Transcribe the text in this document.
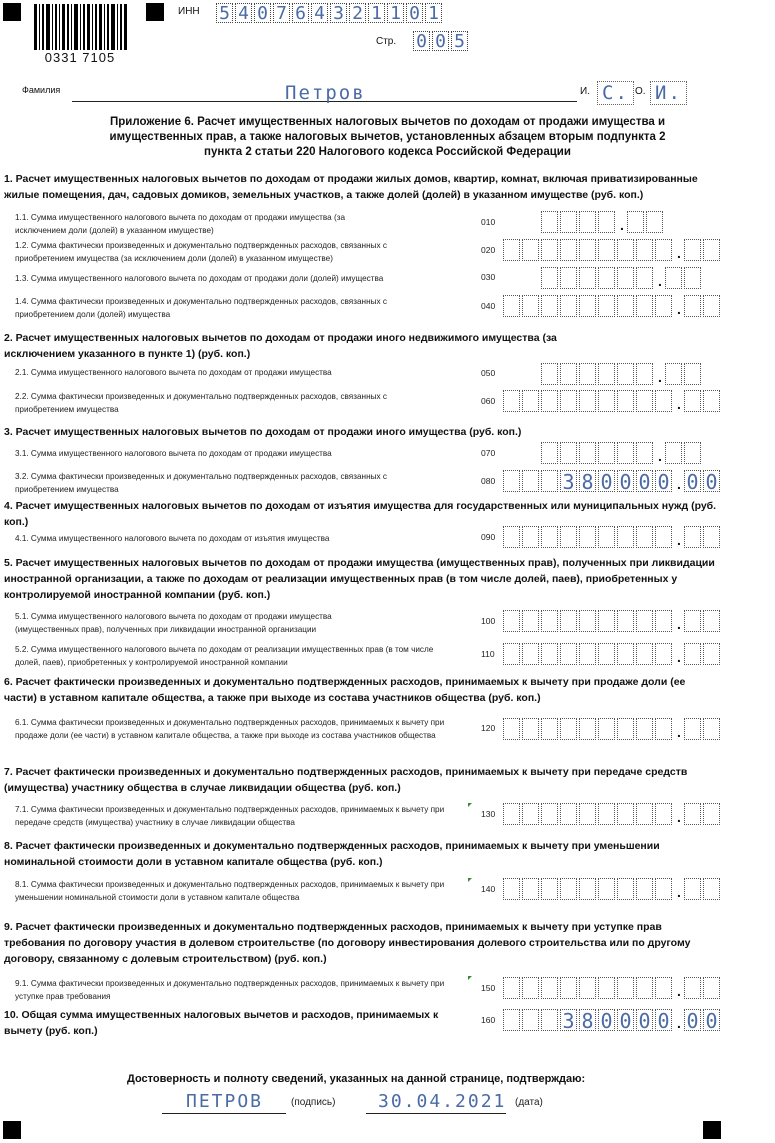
0331 7105
ИНН 5 4 0 7 6 4 3 2 1 1 0 1
Стр. 0 0 5
Фамилия	Петров	И. С. О. И.
Приложение 6. Расчет имущественных налоговых вычетов по доходам от продажи имущества и имущественных прав, а также налоговых вычетов, установленных абзацем вторым подпункта 2 пункта 2 статьи 220 Налогового кодекса Российской Федерации
1. Расчет имущественных налоговых вычетов по доходам от продажи жилых домов, квартир, комнат, включая приватизированные жилые помещения, дач, садовых домиков, земельных участков, а также долей (долей) в указанном имуществе (руб. коп.)
1.1. Сумма имущественного налогового вычета по доходам от продажи имущества (за исключением доли (долей) в указанном имуществе)
010	.
1.2. Сумма фактически произведенных и документально подтвержденных расходов, связанных с приобретением имущества (за исключением доли (долей) в указанном имуществе)
020	.
1.3. Сумма имущественного налогового вычета по доходам от продажи доли (долей) имущества	030	.
1.4. Сумма фактически произведенных и документально подтвержденных расходов, связанных с приобретением доли (долей) имущества
040	.
2. Расчет имущественных налоговых вычетов по доходам от продажи иного недвижимого имущества (за исключением указанного в пункте 1) (руб. коп.)
2.1. Сумма имущественного налогового вычета по доходам от продажи имущества	050	.
2.2. Сумма фактически произведенных и документально подтвержденных расходов, связанных с приобретением имущества
060	.
3. Расчет имущественных налоговых вычетов по доходам от продажи иного имущества (руб. коп.)
3.1. Сумма имущественного налогового вычета по доходам от продажи имущества	070	.
3.2. Сумма фактически произведенных и документально подтвержденных расходов, связанных с приобретением имущества
080	3 8 0 0 0 0 . 0 0
4. Расчет имущественных налоговых вычетов по доходам от изъятия имущества для государственных или муниципальных нужд (руб. коп.)
4.1. Сумма имущественного налогового вычета по доходам от изъятия имущества	090	.
5. Расчет имущественных налоговых вычетов по доходам от продажи имущества (имущественных прав), полученных при ликвидации иностранной организации, а также по доходам от реализации имущественных прав (в том числе долей, паев), приобретенных у контролируемой иностранной компании (руб. коп.)
5.1. Сумма имущественного налогового вычета по доходам от продажи имущества (имущественных прав), полученных при ликвидации иностранной организации
100	.
5.2. Сумма имущественного налогового вычета по доходам от реализации имущественных прав (в том числе долей, паев), приобретенных у контролируемой иностранной компании
110	.
6. Расчет фактически произведенных и документально подтвержденных расходов, принимаемых к вычету при продаже доли (ее части) в уставном капитале общества, а также при выходе из состава участников общества (руб. коп.)
6.1. Сумма фактически произведенных и документально подтвержденных расходов, принимаемых к вычету при продаже доли (ее части) в уставном капитале общества, а также при выходе из состава участников общества
120	.
7. Расчет фактически произведенных и документально подтвержденных расходов, принимаемых к вычету при передаче средств (имущества) участнику общества в случае ликвидации общества (руб. коп.)
7.1. Сумма фактически произведенных и документально подтвержденных расходов, принимаемых к вычету при передаче средств (имущества) участнику в случае ликвидации общества
130	.
8. Расчет фактически произведенных и документально подтвержденных расходов, принимаемых к вычету при уменьшении номинальной стоимости доли в уставном капитале общества (руб. коп.)
8.1. Сумма фактически произведенных и документально подтвержденных расходов, принимаемых к вычету при уменьшении номинальной стоимости доли в уставном капитале общества
140	.
9. Расчет фактически произведенных и документально подтвержденных расходов, принимаемых к вычету при уступке прав требования по договору участия в долевом строительстве (по договору инвестирования долевого строительства или по другому договору, связанному с долевым строительством) (руб. коп.)
9.1. Сумма фактически произведенных и документально подтвержденных расходов, принимаемых к вычету при уступке прав требования
150	.
10. Общая сумма имущественных налоговых вычетов и расходов, принимаемых к вычету (руб. коп.)
160	3 8 0 0 0 0 . 0 0
Достоверность и полноту сведений, указанных на данной странице, подтверждаю:
ПЕТРОВ	(подпись) 30.04.2021 (дата)
